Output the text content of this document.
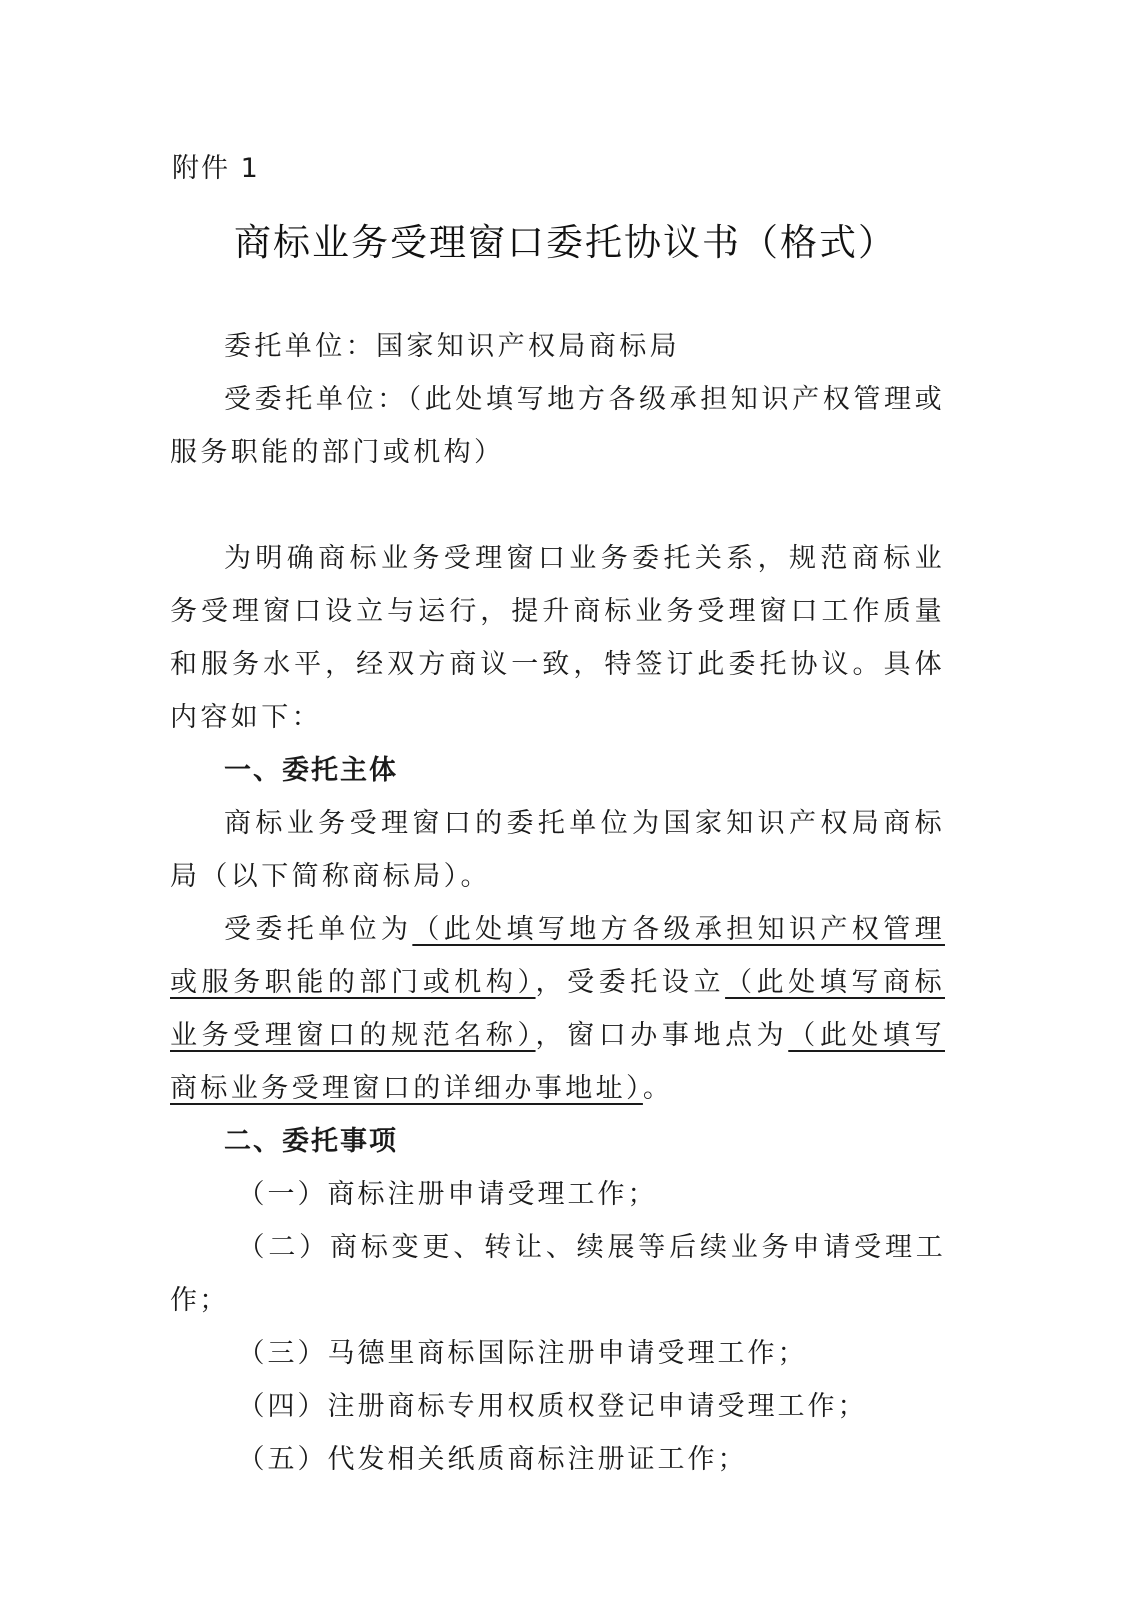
附件 1
商标业务受理窗口委托协议书（格式）

委托单位：国家知识产权局商标局

受委托单位：（此处填写地方各级承担知识产权管理或服务职能的部门或机构）

为明确商标业务受理窗口业务委托关系，规范商标业务受理窗口设立与运行，提升商标业务受理窗口工作质量和服务水平，经双方商议一致，特签订此委托协议。具体内容如下：

一、委托主体

商标业务受理窗口的委托单位为国家知识产权局商标局（以下简称商标局）。

受委托单位为（此处填写地方各级承担知识产权管理或服务职能的部门或机构），受委托设立（此处填写商标业务受理窗口的规范名称），窗口办事地点为（此处填写商标业务受理窗口的详细办事地址）。

二、委托事项

（一）商标注册申请受理工作；

（二）商标变更、转让、续展等后续业务申请受理工作；

（三）马德里商标国际注册申请受理工作；

（四）注册商标专用权质权登记申请受理工作；

（五）代发相关纸质商标注册证工作；
